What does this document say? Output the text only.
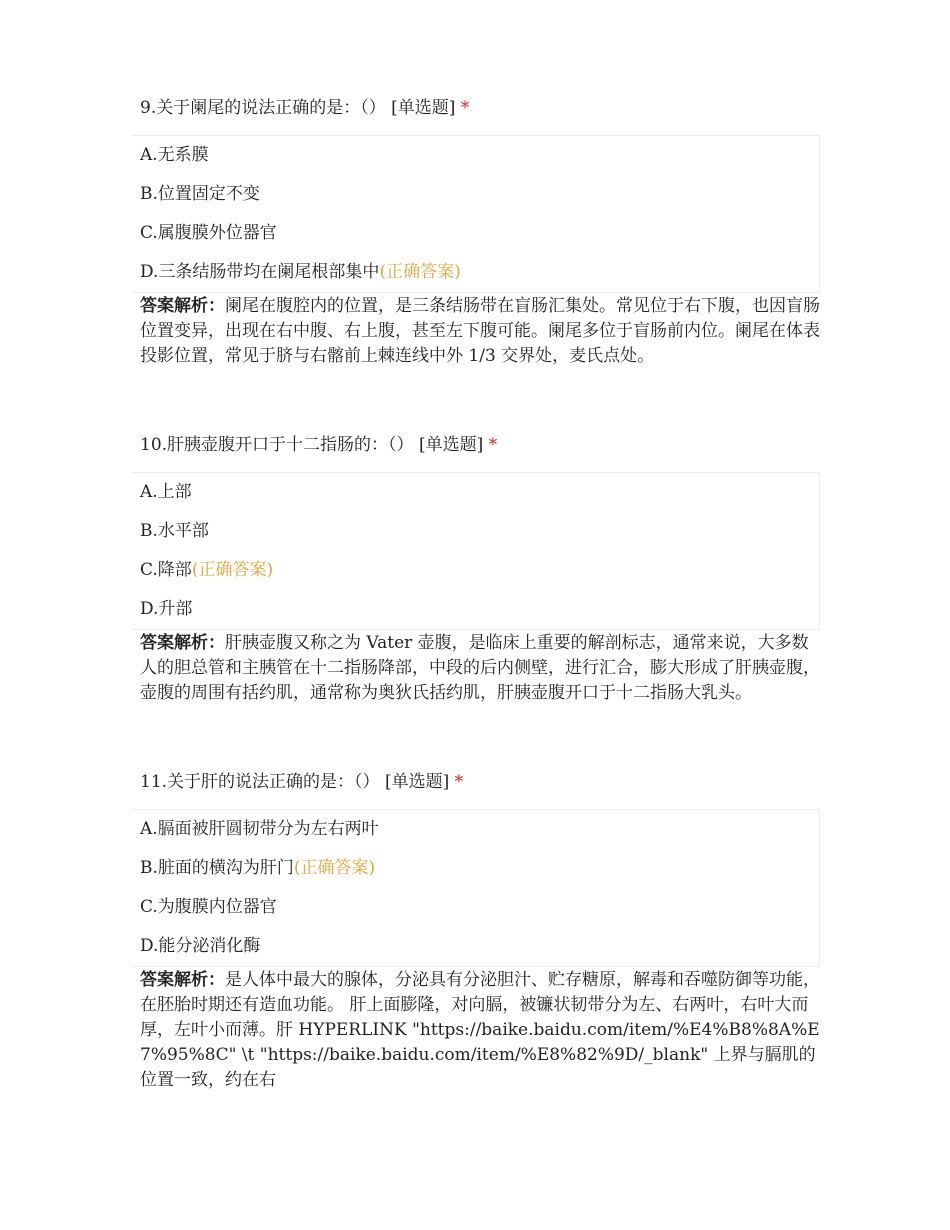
9.关于阑尾的说法正确的是：（） [单选题] *

A.无系膜
B.位置固定不变
C.属腹膜外位器官
D.三条结肠带均在阑尾根部集中(正确答案)
答案解析：阑尾在腹腔内的位置，是三条结肠带在盲肠汇集处。常见位于右下腹，也因盲肠位置变异，出现在右中腹、右上腹，甚至左下腹可能。阑尾多位于盲肠前内位。阑尾在体表投影位置，常见于脐与右髂前上棘连线中外 1/3 交界处，麦氏点处。

10.肝胰壶腹开口于十二指肠的：（） [单选题] *

A.上部
B.水平部
C.降部(正确答案)
D.升部
答案解析：肝胰壶腹又称之为 Vater 壶腹，是临床上重要的解剖标志，通常来说，大多数人的胆总管和主胰管在十二指肠降部，中段的后内侧壁，进行汇合，膨大形成了肝胰壶腹，壶腹的周围有括约肌，通常称为奥狄氏括约肌，肝胰壶腹开口于十二指肠大乳头。

11.关于肝的说法正确的是：（） [单选题] *

A.膈面被肝圆韧带分为左右两叶
B.脏面的横沟为肝门(正确答案)
C.为腹膜内位器官
D.能分泌消化酶
答案解析：是人体中最大的腺体，分泌具有分泌胆汁、贮存糖原，解毒和吞噬防御等功能，在胚胎时期还有造血功能。 肝上面膨隆，对向膈，被镰状韧带分为左、右两叶，右叶大而厚，左叶小而薄。肝 HYPERLINK "https://baike.baidu.com/item/%E4%B8%8A%E7%95%8C" \t "https://baike.baidu.com/item/%E8%82%9D/_blank" 上界与膈肌的位置一致，约在右
